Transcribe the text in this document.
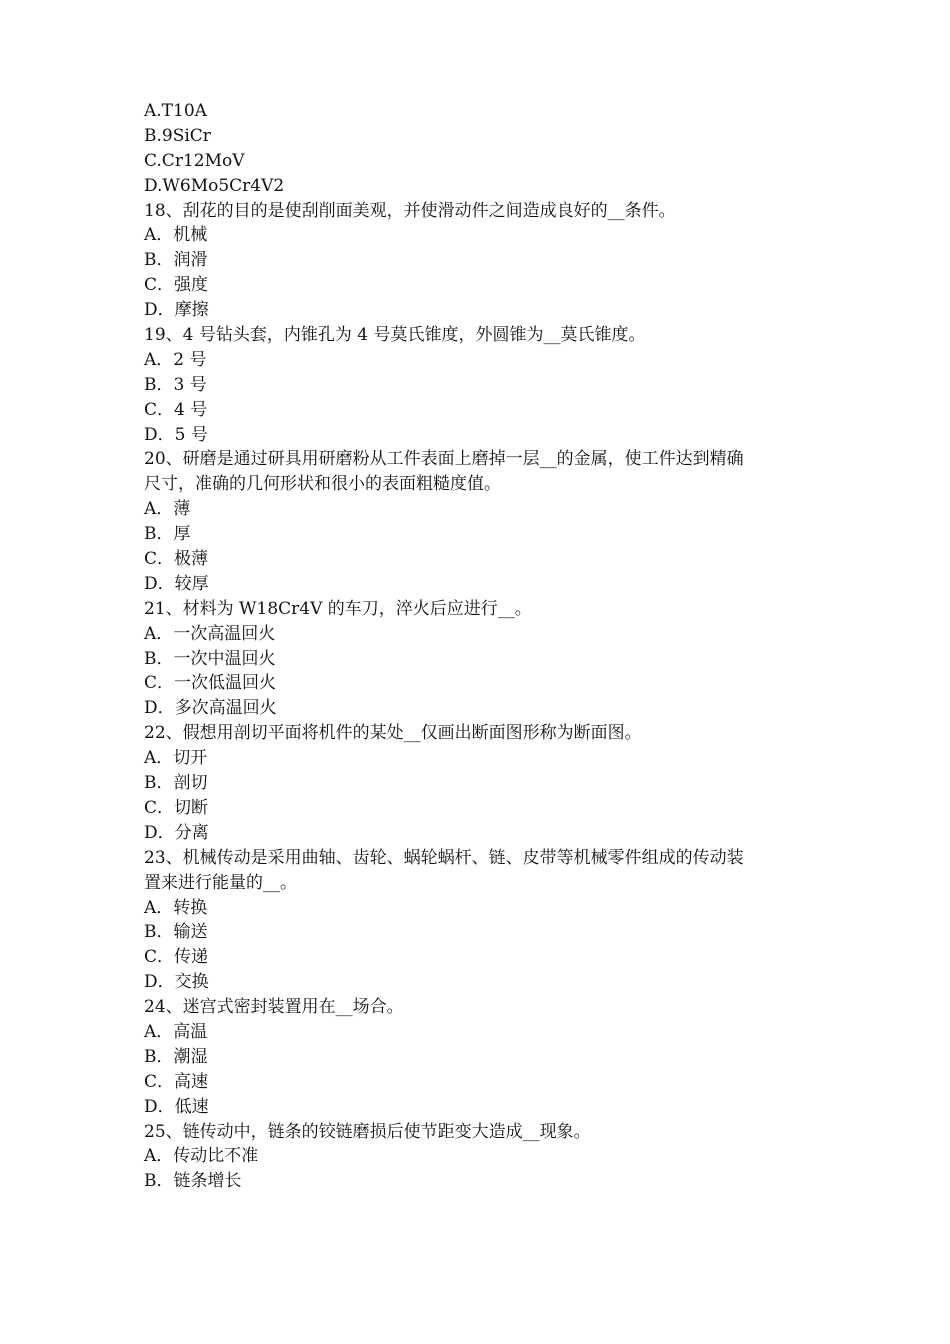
A.T10A
B.9SiCr
C.Cr12MoV
D.W6Mo5Cr4V2
18、刮花的目的是使刮削面美观，并使滑动件之间造成良好的__条件。
A．机械
B．润滑
C．强度
D．摩擦
19、4 号钻头套，内锥孔为 4 号莫氏锥度，外圆锥为__莫氏锥度。
A．2 号
B．3 号
C．4 号
D．5 号
20、研磨是通过研具用研磨粉从工件表面上磨掉一层__的金属，使工件达到精确
尺寸，准确的几何形状和很小的表面粗糙度值。
A．薄
B．厚
C．极薄
D．较厚
21、材料为 W18Cr4V 的车刀，淬火后应进行__。
A．一次高温回火
B．一次中温回火
C．一次低温回火
D．多次高温回火
22、假想用剖切平面将机件的某处__仅画出断面图形称为断面图。
A．切开
B．剖切
C．切断
D．分离
23、机械传动是采用曲轴、齿轮、蜗轮蜗杆、链、皮带等机械零件组成的传动装
置来进行能量的__。
A．转换
B．输送
C．传递
D．交换
24、迷宫式密封装置用在__场合。
A．高温
B．潮湿
C．高速
D．低速
25、链传动中，链条的铰链磨损后使节距变大造成__现象。
A．传动比不准
B．链条增长
